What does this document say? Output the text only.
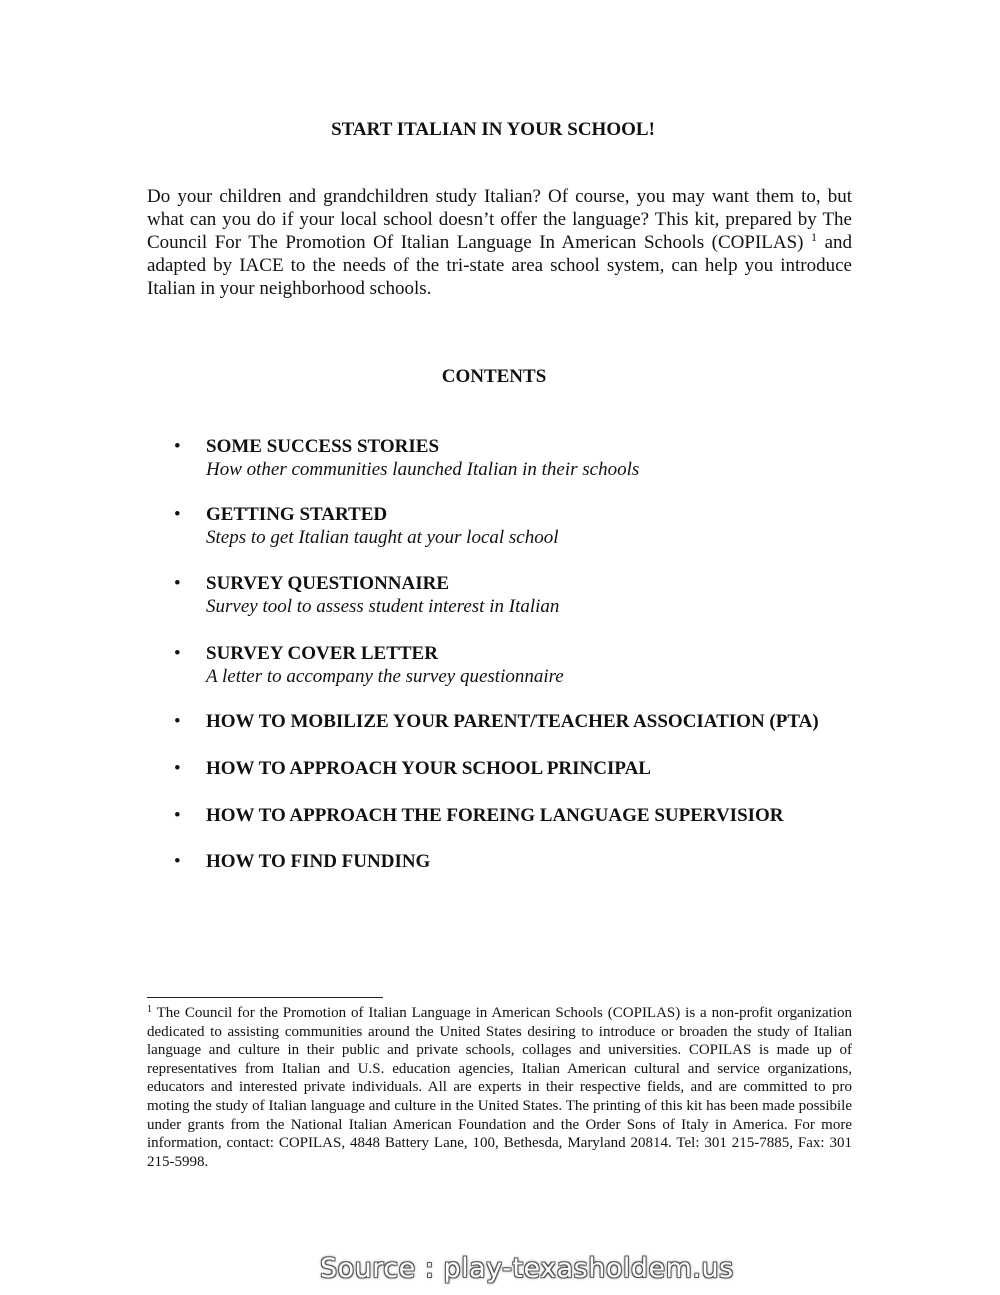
START ITALIAN IN YOUR SCHOOL!

Do your children and grandchildren study Italian? Of course, you may want them to, but what can you do if your local school doesn’t offer the language? This kit, prepared by The Council For The Promotion Of Italian Language In American Schools (COPILAS) $^1$ and adapted by IACE to the needs of the tri-state area school system, can help you introduce Italian in your neighborhood schools.

CONTENTS
• SOME SUCCESS STORIES
How other communities launched Italian in their schools
• GETTING STARTED
Steps to get Italian taught at your local school
• SURVEY QUESTIONNAIRE
Survey tool to assess student interest in Italian
• SURVEY COVER LETTER
A letter to accompany the survey questionnaire
• HOW TO MOBILIZE YOUR PARENT/TEACHER ASSOCIATION (PTA)
• HOW TO APPROACH YOUR SCHOOL PRINCIPAL
• HOW TO APPROACH THE FOREING LANGUAGE SUPERVISIOR
• HOW TO FIND FUNDING

$^1$ The Council for the Promotion of Italian Language in American Schools (COPILAS) is a non-profit organization dedicated to assisting communities around the United States desiring to introduce or broaden the study of Italian language and culture in their public and private schools, collages and universities. COPILAS is made up of representatives from Italian and U.S. education agencies, Italian American cultural and service organizations, educators and interested private individuals. All are experts in their respective fields, and are committed to pro moting the study of Italian language and culture in the United States. The printing of this kit has been made possibile under grants from the National Italian American Foundation and the Order Sons of Italy in America. For more information, contact: COPILAS, 4848 Battery Lane, 100, Bethesda, Maryland 20814. Tel: 301 215-7885, Fax: 301 215-5998.

Source : play-texasholdem.us
